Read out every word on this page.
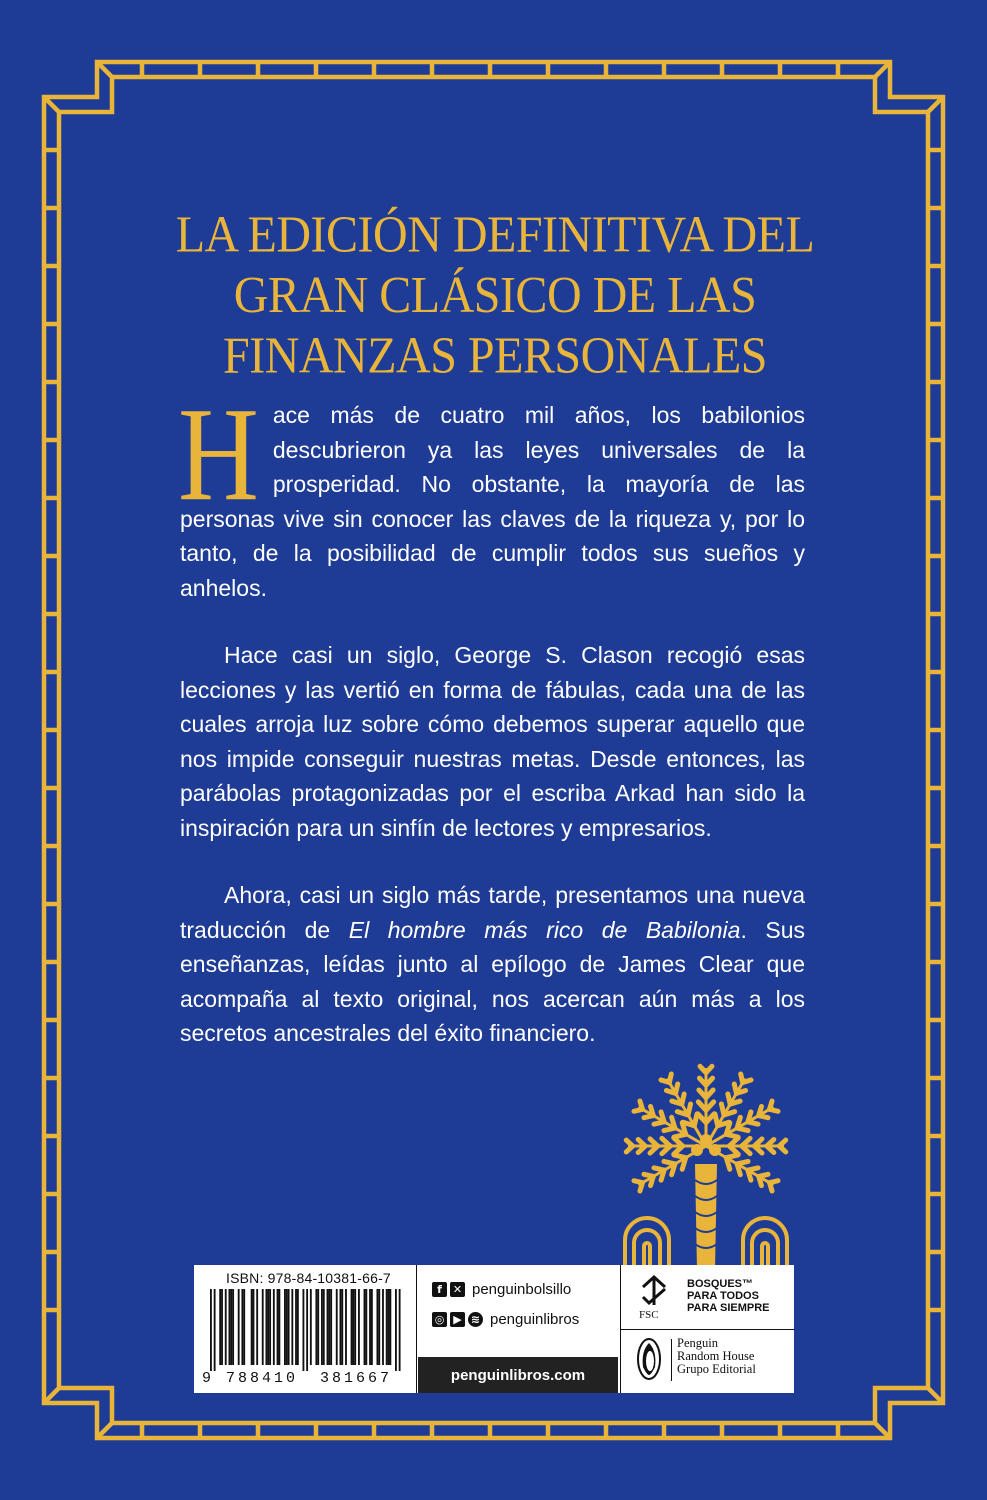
LA EDICIÓN DEFINITIVA DEL
GRAN CLÁSICO DE LAS
FINANZAS PERSONALES

Hace más de cuatro mil años, los babilonios descubrieron ya las leyes universales de la prosperidad. No obstante, la mayoría de las personas vive sin conocer las claves de la riqueza y, por lo tanto, de la posibilidad de cumplir todos sus sueños y anhelos.

Hace casi un siglo, George S. Clason recogió esas lecciones y las vertió en forma de fábulas, cada una de las cuales arroja luz sobre cómo debemos superar aquello que nos impide conseguir nuestras metas. Desde entonces, las parábolas protagonizadas por el escriba Arkad han sido la inspiración para un sinfín de lectores y empresarios.

Ahora, casi un siglo más tarde, presentamos una nueva traducción de El hombre más rico de Babilonia. Sus enseñanzas, leídas junto al epílogo de James Clear que acompaña al texto original, nos acercan aún más a los secretos ancestrales del éxito financiero.

ISBN: 978-84-10381-66-7
9 788410 381667
f	✕ penguinbolsillo
◎ ▶ ≋ penguinlibros
penguinlibros.com
FSC
BOSQUES™
PARA TODOS
PARA SIEMPRE
Penguin
Random House
Grupo Editorial
